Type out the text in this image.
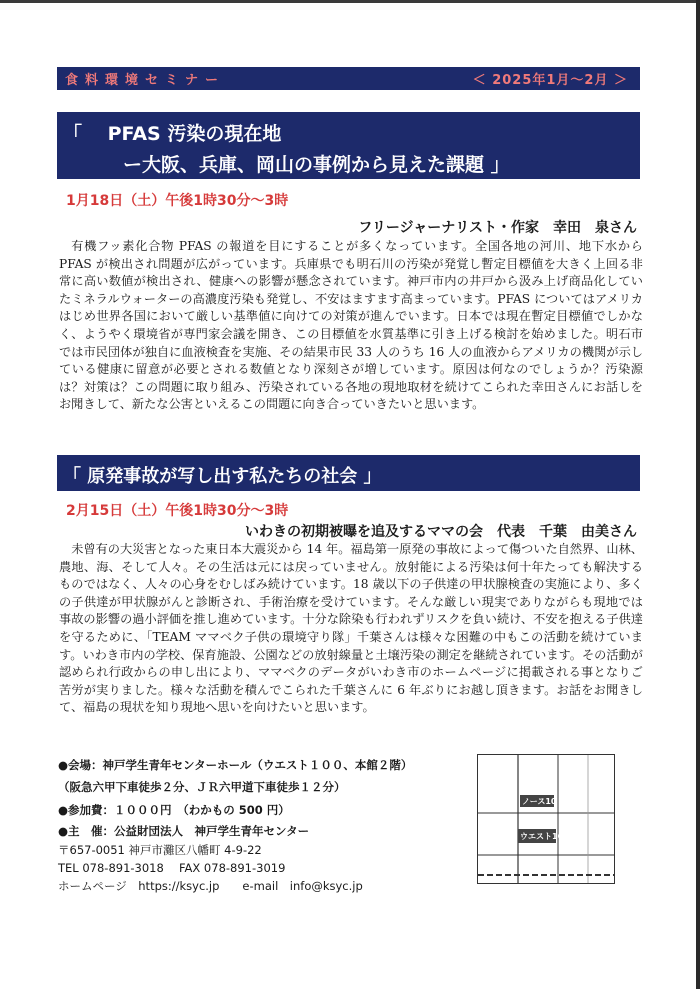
食料環境セミナー	＜ 2025年1月～2月 ＞
「　 PFAS 汚染の現在地
ー大阪、兵庫、岡山の事例から見えた課題 」
1月18日（土）午後1時30分～3時
フリージャーナリスト・作家　幸田　泉さん

有機フッ素化合物 PFAS の報道を目にすることが多くなっています。全国各地の河川、地下水から PFAS が検出され問題が広がっています。兵庫県でも明石川の汚染が発覚し暫定目標値を大きく上回る非常に高い数値が検出され、健康への影響が懸念されています。神戸市内の井戸から汲み上げ商品化していたミネラルウォーターの高濃度汚染も発覚し、不安はますます高まっています。PFAS についてはアメリカはじめ世界各国において厳しい基準値に向けての対策が進んでいます。日本では現在暫定目標値でしかなく、ようやく環境省が専門家会議を開き、この目標値を水質基準に引き上げる検討を始めました。明石市では市民団体が独自に血液検査を実施、その結果市民 33 人のうち 16 人の血液からアメリカの機関が示している健康に留意が必要とされる数値となり深刻さが増しています。原因は何なのでしょうか？汚染源は？対策は？この問題に取り組み、汚染されている各地の現地取材を続けてこられた幸田さんにお話しをお聞きして、新たな公害といえるこの問題に向き合っていきたいと思います。

「 原発事故が写し出す私たちの社会 」
2月15日（土）午後1時30分～3時
いわきの初期被曝を追及するママの会　代表　千葉　由美さん

未曾有の大災害となった東日本大震災から 14 年。福島第一原発の事故によって傷ついた自然界、山林、農地、海、そして人々。その生活は元には戻っていません。放射能による汚染は何十年たっても解決するものではなく、人々の心身をむしばみ続けています。18 歳以下の子供達の甲状腺検査の実施により、多くの子供達が甲状腺がんと診断され、手術治療を受けています。そんな厳しい現実でありながらも現地では事故の影響の過小評価を推し進めています。十分な除染も行われずリスクを負い続け、不安を抱える子供達を守るために、「TEAM ママベク子供の環境守り隊」千葉さんは様々な困難の中もこの活動を続けています。いわき市内の学校、保育施設、公園などの放射線量と土壌汚染の測定を継続されています。その活動が認められ行政からの申し出により、ママベクのデータがいわき市のホームページに掲載される事となりご苦労が実りました。様々な活動を積んでこられた千葉さんに 6 年ぶりにお越し頂きます。お話をお聞きして、福島の現状を知り現地へ思いを向けたいと思います。

●会場：神戸学生青年センターホール（ウエスト１００、本館２階）
（阪急六甲下車徒歩２分、ＪＲ六甲道下車徒歩１２分）
●参加費：１０００円　（わかもの 500 円）
●主　催：公益財団法人　神戸学生青年センター
〒657-0051 神戸市灘区八幡町 4-9-22
TEL 078-891-3018　 FAX 078-891-3019
ホームページ　https://ksyc.jp　　e-mail　info@ksyc.jp
ノース10
ウエスト100
